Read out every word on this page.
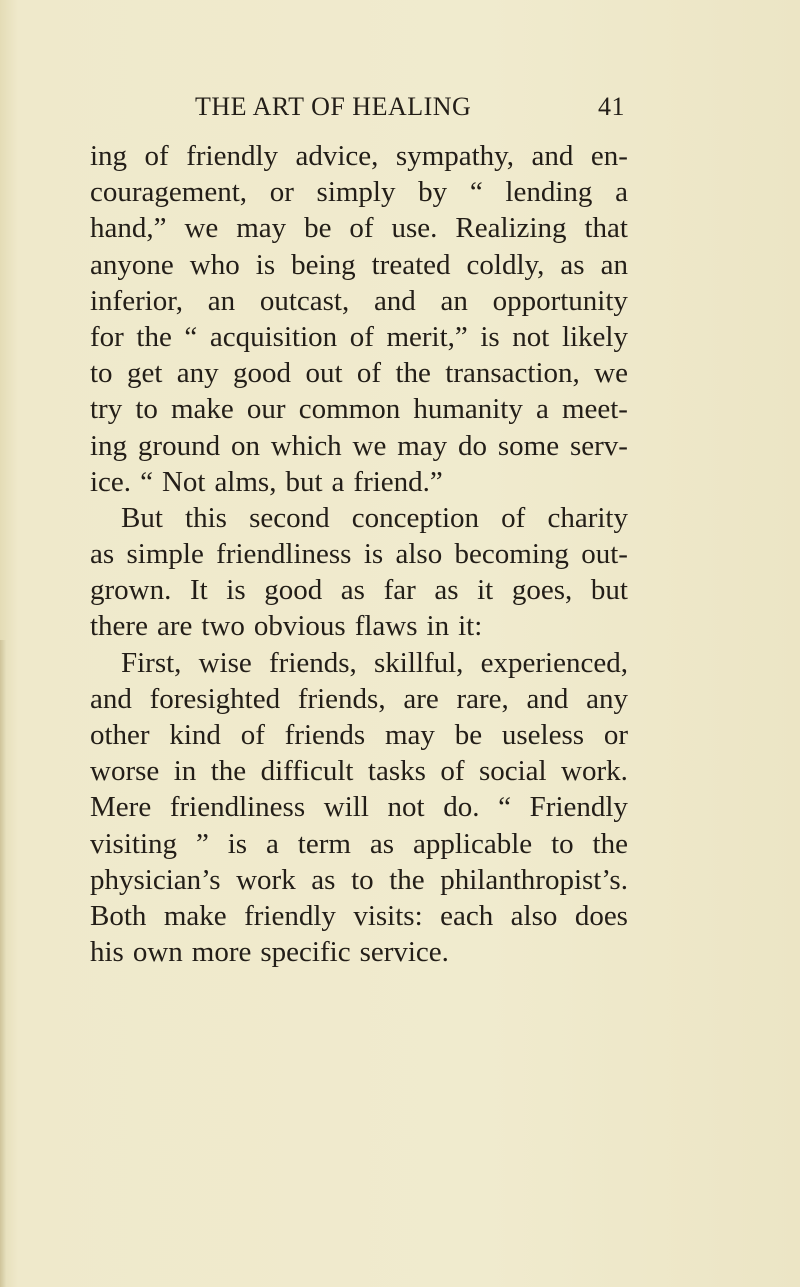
THE ART OF HEALING	41
ing of friendly advice, sympathy, and en-
couragement, or simply by “ lending a
hand,” we may be of use. Realizing that
anyone who is being treated coldly, as an
inferior, an outcast, and an opportunity
for the “ acquisition of merit,” is not likely
to get any good out of the transaction, we
try to make our common humanity a meet-
ing ground on which we may do some serv-
ice. “ Not alms, but a friend.”
But this second conception of charity
as simple friendliness is also becoming out-
grown. It is good as far as it goes, but
there are two obvious flaws in it:
First, wise friends, skillful, experienced,
and foresighted friends, are rare, and any
other kind of friends may be useless or
worse in the difficult tasks of social work.
Mere friendliness will not do. “ Friendly
visiting ” is a term as applicable to the
physician’s work as to the philanthropist’s.
Both make friendly visits: each also does
his own more specific service.
